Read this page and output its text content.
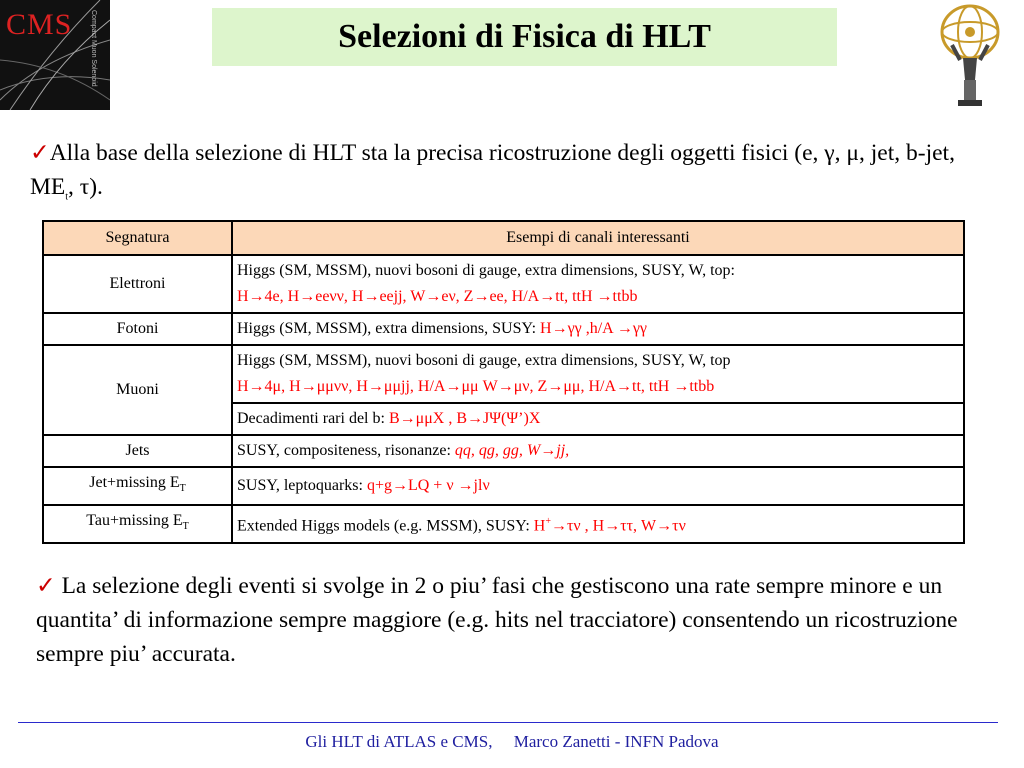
CMS	Compact Muon Solenoid	Selezioni di Fisica di HLT
✓Alla base della selezione di HLT sta la precisa ricostruzione degli oggetti fisici (e, γ, μ, jet, b-jet, $ME_t$, τ).
Segnatura	Esempi di canali interessanti
Elettroni	Higgs (SM, MSSM), nuovi bosoni di gauge, extra dimensions, SUSY, W, top:
H→4e, H→eeνν, H→eejj, W→eν, Z→ee, H/A→tt, ttH →ttbb

Fotoni	Higgs (SM, MSSM), extra dimensions, SUSY: H→γγ ,h/A →γγ
Muoni	Higgs (SM, MSSM), nuovi bosoni di gauge, extra dimensions, SUSY, W, top
H→4μ, H→μμνν, H→μμjj, H/A→μμ W→μν, Z→μμ, H/A→tt, ttH →ttbb

	Decadimenti rari del b: B→μμX , B→JΨ(Ψ’)X
Jets	SUSY, compositeness, risonanze: qq, qg, gg, W→jj,
Jet+missing $E_T$	SUSY, leptoquarks: q+g→LQ + ν →jlν
Tau+missing $E_T$	Extended Higgs models (e.g. MSSM), SUSY: H+→τν , H→ττ, W→τν
✓ La selezione degli eventi si svolge in 2 o piu’ fasi che gestiscono una rate sempre minore e un quantita’ di informazione sempre maggiore (e.g. hits nel tracciatore) consentendo un ricostruzione sempre piu’ accurata.
Gli HLT di ATLAS e CMS, Marco Zanetti - INFN Padova
